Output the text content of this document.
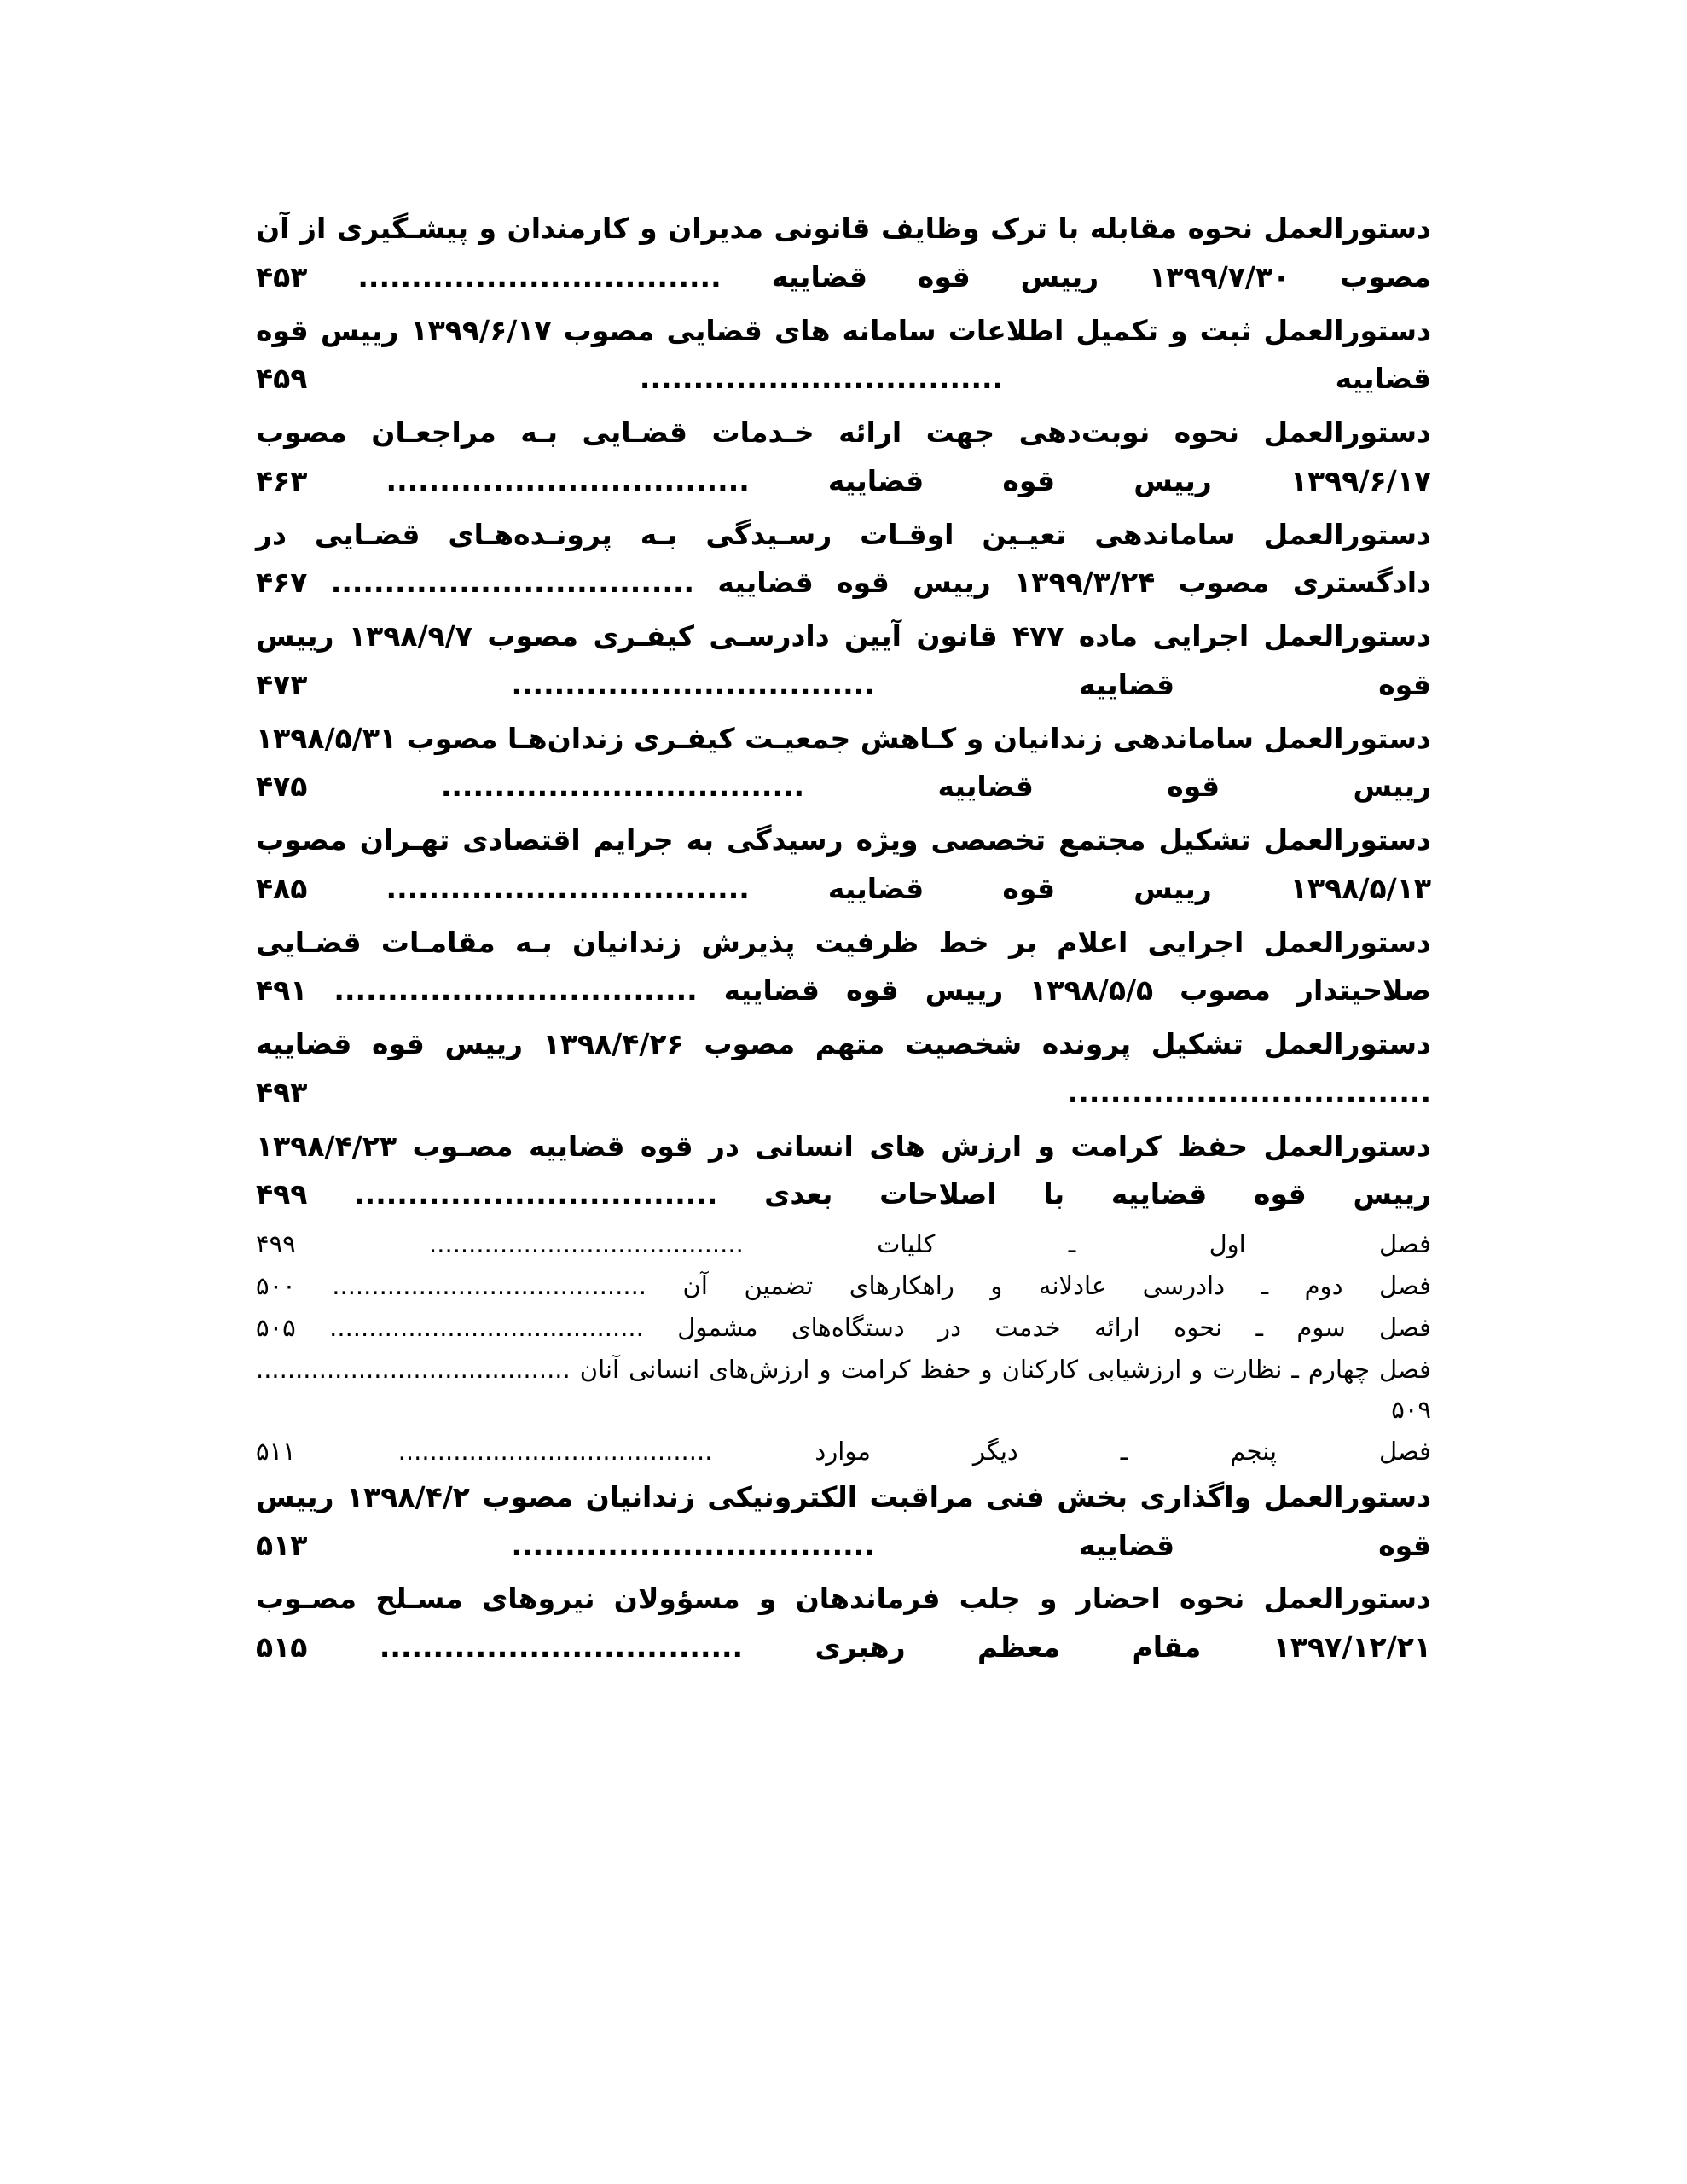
دستورالعمل نحوه مقابله با ترک وظایف قانونی مدیران و کارمندان و پیشـگیری از آن مصوب ۱۳۹۹/۷/۳۰ ریيس قوه قضاييه .................................. ۴۵۳
دستورالعمل ثبت و تکمیل اطلاعات سامانه های قضایی مصوب ۱۳۹۹/۶/۱۷ ریيس قوه قضاييه .................................. ۴۵۹
دستورالعمل نحوه نوبت‌دهی جهت ارائه خـدمات قضـایی بـه مراجعـان مصوب ۱۳۹۹/۶/۱۷ ریيس قوه قضاييه .................................. ۴۶۳
دستورالعمل ساماندهی تعیـین اوقـات رسـیدگی بـه پرونـده‌هـای قضـایی در دادگستری مصوب ۱۳۹۹/۳/۲۴ ریيس قوه قضاييه .................................. ۴۶۷
دستورالعمل اجرایی ماده ۴۷۷ قانون آیین دادرسـی کیفـری مصوب ۱۳۹۸/۹/۷ ریيس قوه قضاييه .................................. ۴۷۳
دستورالعمل ساماندهی زندانیان و کـاهش جمعیـت کیفـری زندان‌هـا مصوب ۱۳۹۸/۵/۳۱ ریيس قوه قضاييه .................................. ۴۷۵
دستورالعمل تشکیل مجتمع تخصصی ویژه رسیدگی به جرایم اقتصادی تهـران مصوب ۱۳۹۸/۵/۱۳ ریيس قوه قضاييه .................................. ۴۸۵
دستورالعمل اجرایی اعلام بر خط ظرفیت پذیرش زندانیان بـه مقامـات قضـایی صلاحیتدار مصوب ۱۳۹۸/۵/۵ ریيس قوه قضاييه .................................. ۴۹۱
دستورالعمل تشکیل پرونده شخصیت متهم مصوب ۱۳۹۸/۴/۲۶ ریيس قوه قضاييه .................................. ۴۹۳
دستورالعمل حفظ کرامت و ارزش های انسانی در قوه قضاييه مصـوب ۱۳۹۸/۴/۲۳ ریيس قوه قضاييه با اصلاحات بعدی .................................. ۴۹۹
فصل اول ـ کلیات ........................................ ۴۹۹
فصل دوم ـ دادرسی عادلانه و راهکارهای تضمین آن ........................................ ۵۰۰
فصل سوم ـ نحوه ارائه خدمت در دستگاه‌های مشمول ........................................ ۵۰۵
فصل چهارم ـ نظارت و ارزشیابی کارکنان و حفظ کرامت و ارزش‌های انسانی آنان ........................................ ۵۰۹
فصل پنجم ـ دیگر موارد ........................................ ۵۱۱
دستورالعمل واگذاری بخش فنی مراقبت الکترونیکی زندانیان مصوب ۱۳۹۸/۴/۲ ریيس قوه قضاييه .................................. ۵۱۳
دستورالعمل نحوه احضار و جلب فرماندهان و مسؤولان نیروهای مسـلح مصـوب ۱۳۹۷/۱۲/۲۱ مقام معظم رهبری .................................. ۵۱۵
